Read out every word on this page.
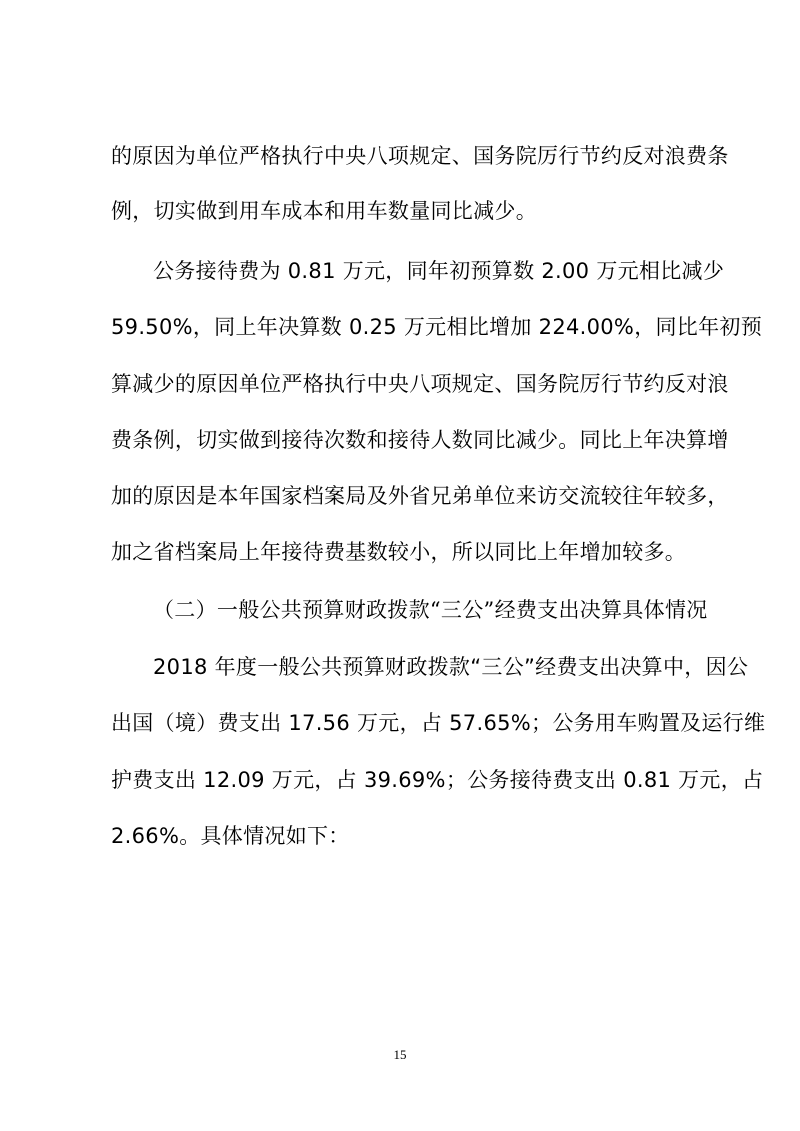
的原因为单位严格执行中央八项规定、国务院厉行节约反对浪费条
例，切实做到用车成本和用车数量同比减少。
公务接待费为 0.81 万元，同年初预算数 2.00 万元相比减少
59.50%，同上年决算数 0.25 万元相比增加 224.00%，同比年初预
算减少的原因单位严格执行中央八项规定、国务院厉行节约反对浪
费条例，切实做到接待次数和接待人数同比减少。同比上年决算增
加的原因是本年国家档案局及外省兄弟单位来访交流较往年较多，
加之省档案局上年接待费基数较小，所以同比上年增加较多。
（二）一般公共预算财政拨款“三公”经费支出决算具体情况
2018 年度一般公共预算财政拨款“三公”经费支出决算中，因公
出国（境）费支出 17.56 万元，占 57.65%；公务用车购置及运行维
护费支出 12.09 万元，占 39.69%；公务接待费支出 0.81 万元，占
2.66%。具体情况如下：
15
